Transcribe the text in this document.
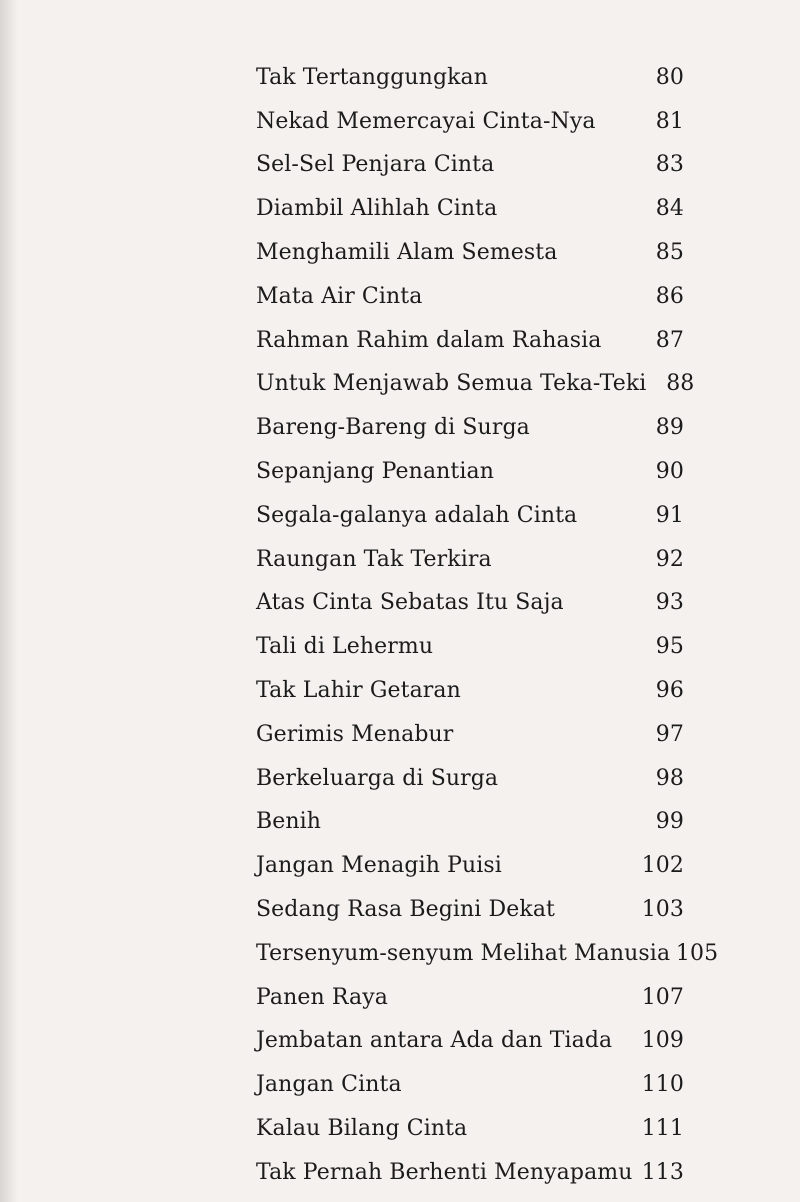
Tak Tertanggungkan	80
Nekad Memercayai Cinta-Nya	81
Sel-Sel Penjara Cinta	83
Diambil Alihlah Cinta	84
Menghamili Alam Semesta	85
Mata Air Cinta	86
Rahman Rahim dalam Rahasia	87
Untuk Menjawab Semua Teka-Teki 88
Bareng-Bareng di Surga	89
Sepanjang Penantian	90
Segala-galanya adalah Cinta	91
Raungan Tak Terkira	92
Atas Cinta Sebatas Itu Saja	93
Tali di Lehermu	95
Tak Lahir Getaran	96
Gerimis Menabur	97
Berkeluarga di Surga	98
Benih	99
Jangan Menagih Puisi	102
Sedang Rasa Begini Dekat	103
Tersenyum-senyum Melihat Manusia 105
Panen Raya	107
Jembatan antara Ada dan Tiada 109
Jangan Cinta	110
Kalau Bilang Cinta	111
Tak Pernah Berhenti Menyapamu 113
